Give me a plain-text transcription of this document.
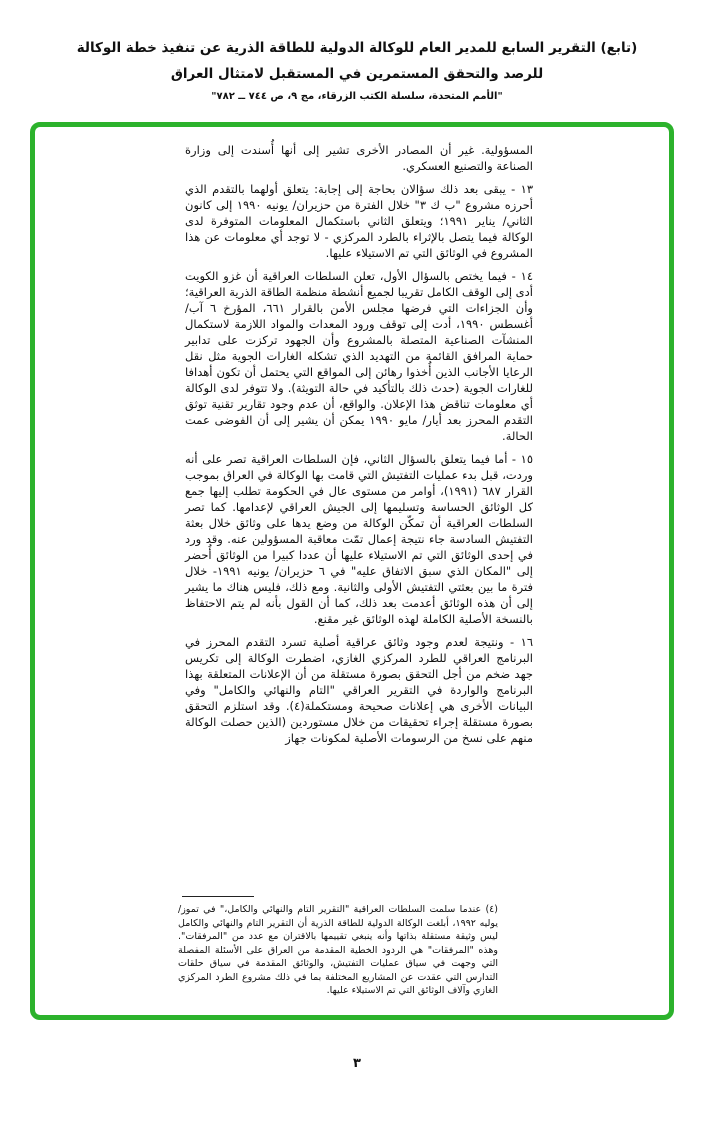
(تابع) التقرير السابع للمدير العام للوكالة الدولية للطاقة الذرية عن تنفيذ خطة الوكالة
للرصد والتحقق المستمرين في المستقبل لامتثال العراق
"الأمم المتحدة، سلسلة الكتب الزرقاء، مج ٩، ص ٧٤٤ ــ ٧٨٢"

المسؤولية. غير أن المصادر الأخرى تشير إلى أنها أُسندت إلى وزارة الصناعة والتصنيع العسكري.

١٣ - يبقى بعد ذلك سؤالان بحاجة إلى إجابة: يتعلق أولهما بالتقدم الذي أحرزه مشروع "ب ك ٣" خلال الفترة من حزيران/ يونيه ١٩٩٠ إلى كانون الثاني/ يناير ١٩٩١؛ ويتعلق الثاني باستكمال المعلومات المتوفرة لدى الوكالة فيما يتصل بالإثراء بالطرد المركزي - لا توجد أي معلومات عن هذا المشروع في الوثائق التي تم الاستيلاء عليها.

١٤ - فيما يختص بالسؤال الأول، تعلن السلطات العراقية أن غزو الكويت أدى إلى الوقف الكامل تقريبا لجميع أنشطة منظمة الطاقة الذرية العراقية؛ وأن الجزاءات التي فرضها مجلس الأمن بالقرار ٦٦١، المؤرخ ٦ آب/ أغسطس ١٩٩٠، أدت إلى توقف ورود المعدات والمواد اللازمة لاستكمال المنشآت الصناعية المتصلة بالمشروع وأن الجهود تركزت على تدابير حماية المرافق القائمة من التهديد الذي تشكله الغارات الجوية مثل نقل الرعايا الأجانب الذين أُخذوا رهائن إلى المواقع التي يحتمل أن تكون أهدافا للغارات الجوية (حدث ذلك بالتأكيد في حالة التويثة). ولا تتوفر لدى الوكالة أي معلومات تناقض هذا الإعلان. والواقع، أن عدم وجود تقارير تقنية توثق التقدم المحرز بعد أيار/ مايو ١٩٩٠ يمكن أن يشير إلى أن الفوضى عمت الحالة.

١٥ - أما فيما يتعلق بالسؤال الثاني، فإن السلطات العراقية تصر على أنه وردت، قبل بدء عمليات التفتيش التي قامت بها الوكالة في العراق بموجب القرار ٦٨٧ (١٩٩١)، أوامر من مستوى عال في الحكومة تطلب إليها جمع كل الوثائق الحساسة وتسليمها إلى الجيش العراقي لإعدامها. كما تصر السلطات العراقية أن تمكّن الوكالة من وضع يدها على وثائق خلال بعثة التفتيش السادسة جاء نتيجة إعمال تمّت معاقبة المسؤولين عنه. وقد ورد في إحدى الوثائق التي تم الاستيلاء عليها أن عددا كبيرا من الوثائق أُحضر إلى "المكان الذي سبق الاتفاق عليه" في ٦ حزيران/ يونيه ١٩٩١- خلال فترة ما بين بعثتي التفتيش الأولى والثانية. ومع ذلك، فليس هناك ما يشير إلى أن هذه الوثائق أعدمت بعد ذلك، كما أن القول بأنه لم يتم الاحتفاظ بالنسخة الأصلية الكاملة لهذه الوثائق غير مقنع.

١٦ - ونتيجة لعدم وجود وثائق عراقية أصلية تسرد التقدم المحرز في البرنامج العراقي للطرد المركزي الغازي، اضطرت الوكالة إلى تكريس جهد ضخم من أجل التحقق بصورة مستقلة من أن الإعلانات المتعلقة بهذا البرنامج والواردة في التقرير العراقي "التام والنهائي والكامل" وفي البيانات الأخرى هي إعلانات صحيحة ومستكملة(٤). وقد استلزم التحقق بصورة مستقلة إجراء تحقيقات من خلال مستوردين (الذين حصلت الوكالة منهم على نسخ من الرسومات الأصلية لمكونات جهاز

(٤) عندما سلمت السلطات العراقية "التقرير التام والنهائي والكامل،" في تموز/ يوليه ١٩٩٢، أبلغت الوكالة الدولية للطاقة الذرية أن التقرير التام والنهائي والكامل ليس وثيقة مستقلة بذاتها وأنه ينبغي تقييمها بالاقتران مع عدد من "المرفقات". وهذه "المرفقات" هي الردود الخطية المقدمة من العراق على الأسئلة المفصلة التي وجهت في سياق عمليات التفتيش، والوثائق المقدمة في سياق حلقات التدارس التي عقدت عن المشاريع المختلفة بما في ذلك مشروع الطرد المركزي الغازي وآلاف الوثائق التي تم الاستيلاء عليها.
٣
